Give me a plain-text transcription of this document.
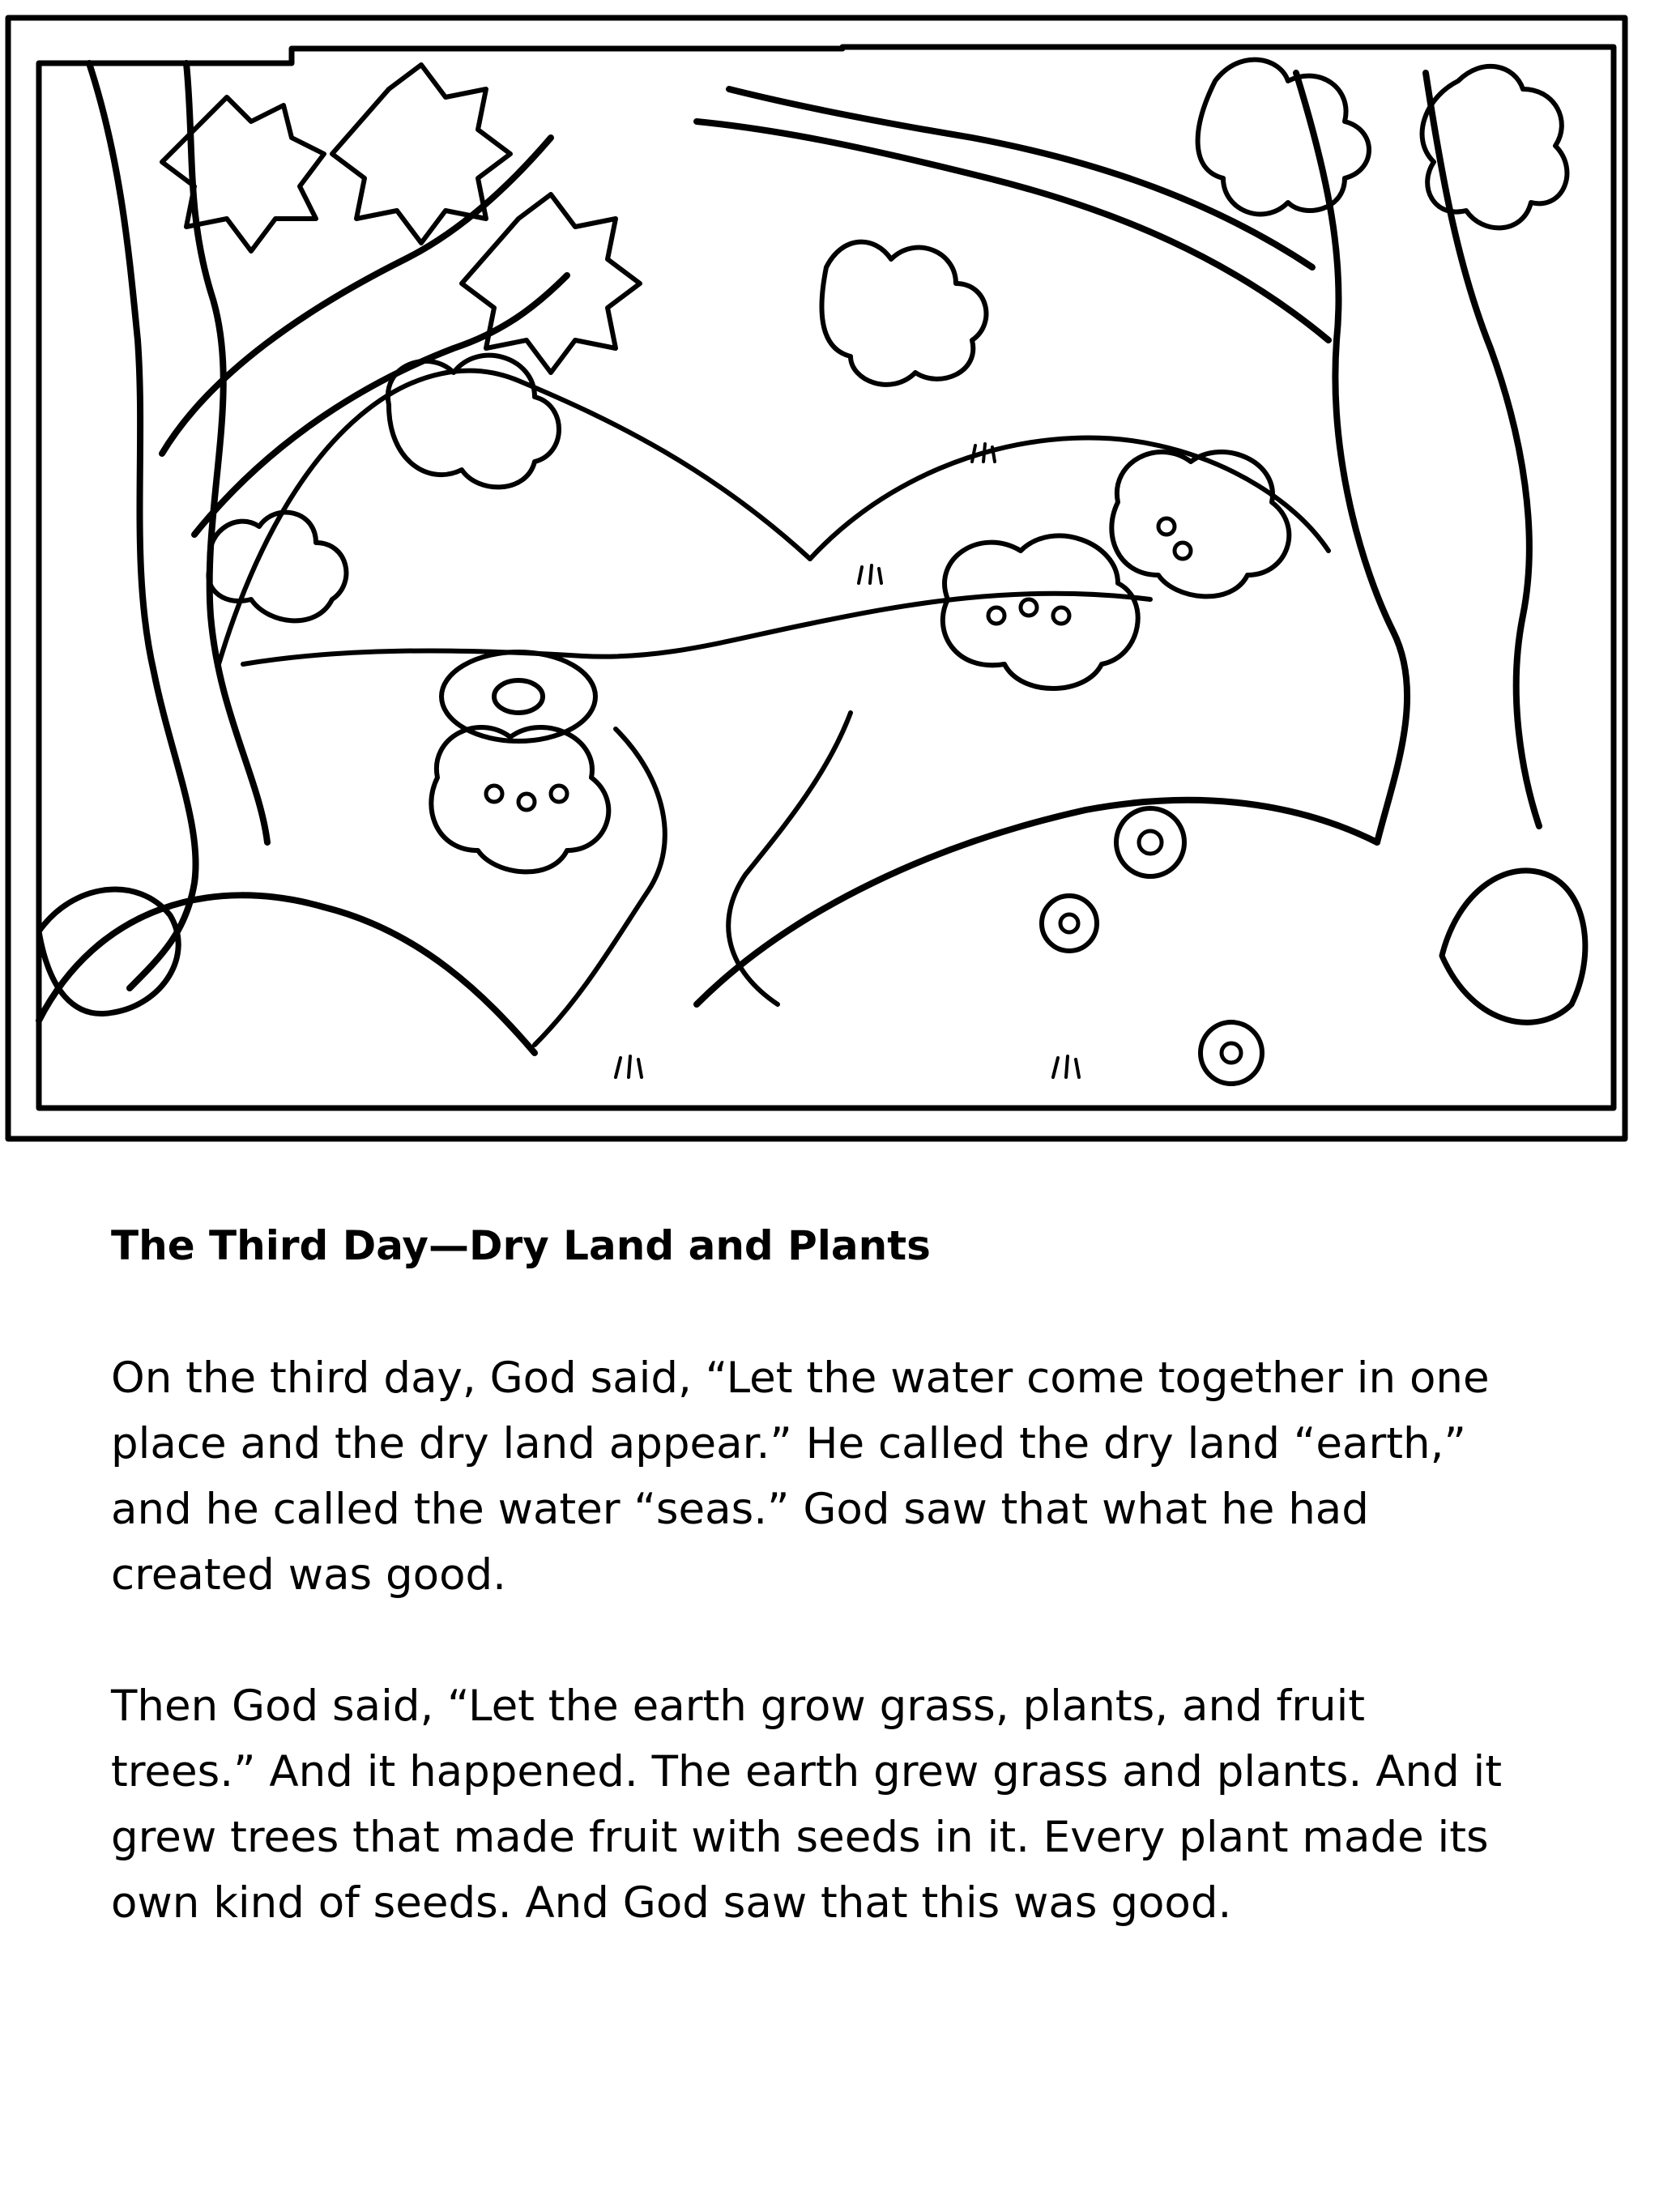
The Third Day—Dry Land and Plants

On the third day, God said, “Let the water come together in one
place and the dry land appear.” He called the dry land “earth,”
and he called the water “seas.” God saw that what he had
created was good.

Then God said, “Let the earth grow grass, plants, and fruit
trees.” And it happened. The earth grew grass and plants. And it
grew trees that made fruit with seeds in it. Every plant made its
own kind of seeds. And God saw that this was good.
